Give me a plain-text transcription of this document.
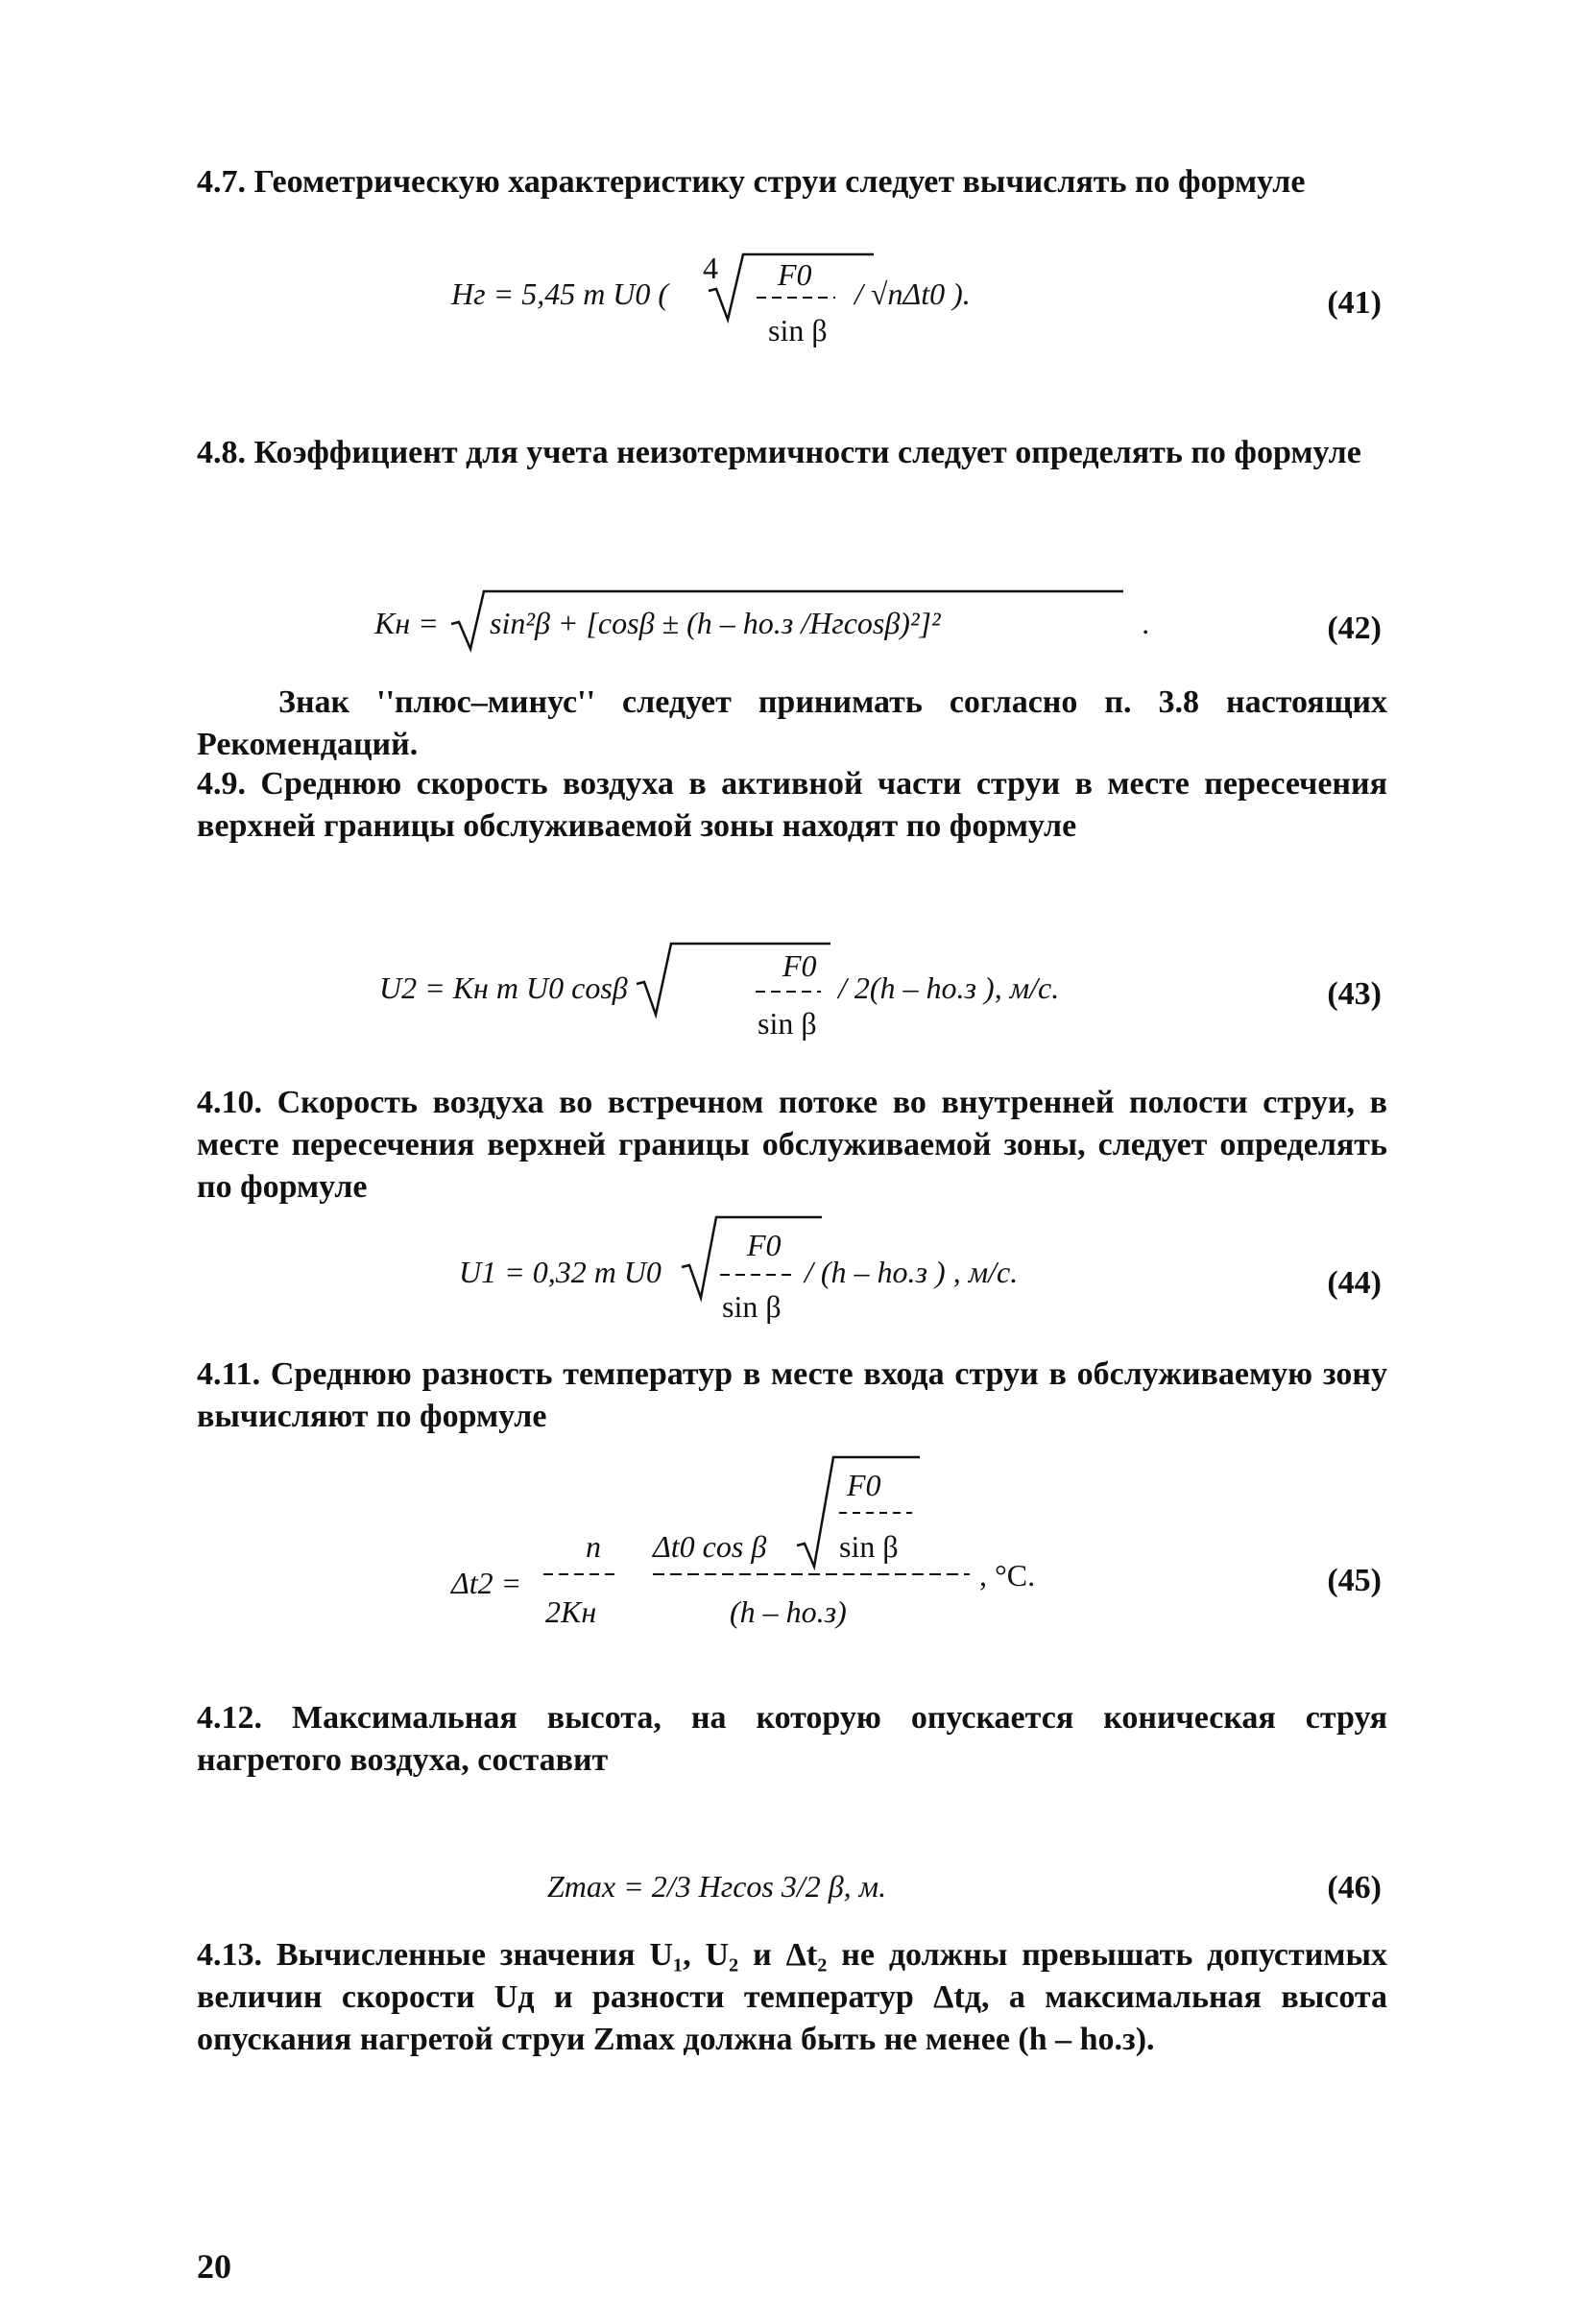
4.7. Геометрическую характеристику струи следует вычислять по формуле
Hг = 5,45 m U0 (
4 F0
sin β
/ √nΔt0 ).	(41)
4.8. Коэффициент для учета неизотермичности следует определять по формуле
Kн = sin²β + [cosβ ± (h – hо.з /Hгcosβ)²]²	.	(42)
Знак ''плюс–минус'' следует принимать согласно п. 3.8 настоящих Рекомендаций.
4.9. Среднюю скорость воздуха в активной части струи в месте пересечения верхней границы обслуживаемой зоны находят по формуле
U2 = Kн m U0 cosβ
F0
sin β
/ 2(h – hо.з ), м/с.	(43)
4.10. Скорость воздуха во встречном потоке во внутренней полости струи, в месте пересечения верхней границы обслуживаемой зоны, следует определять по формуле
U1 = 0,32 m U0
F0
sin β
/ (h – hо.з ) , м/с.	(44)
4.11. Среднюю разность температур в месте входа струи в обслуживаемую зону вычисляют по формуле
Δt2 =
n
2Kн
Δt0 cos β
F0
sin β
(h – hо.з)
, °С.	(45)
4.12. Максимальная высота, на которую опускается коническая струя нагретого воздуха, составит
Zmax = 2/3 Hгcos 3/2 β, м.	(46)
4.13. Вычисленные значения U₁, U₂ и Δt₂ не должны превышать допустимых величин скорости Uд и разности температур Δtд, а максимальная высота опускания нагретой струи Zmax должна быть не менее (h – hо.з).
20
